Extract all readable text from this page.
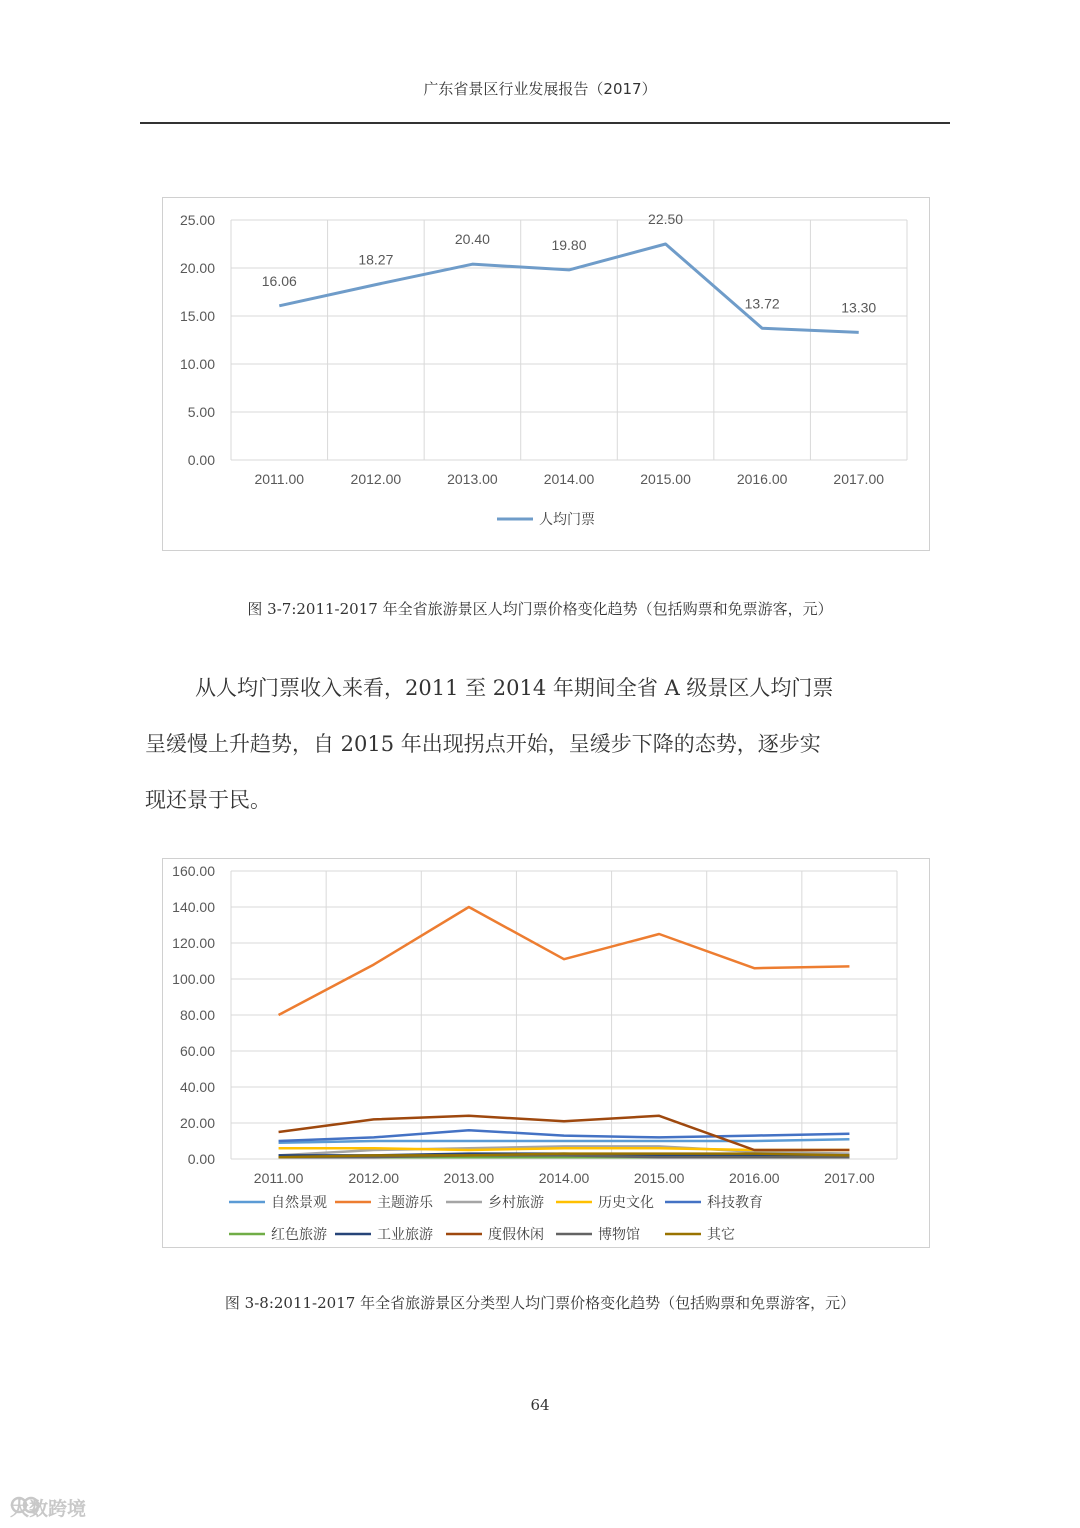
广东省景区行业发展报告（2017）
0.00
5.00
10.00
15.00
20.00
25.00
2011.00	2012.00	2013.00	2014.00	2015.00	2016.00	2017.00
16.06
18.27
20.40	19.80
22.50
13.72	13.30
人均门票
图 3-7:2011-2017 年全省旅游景区人均门票价格变化趋势（包括购票和免票游客，元）

从人均门票收入来看，2011 至 2014 年期间全省 A 级景区人均门票

呈缓慢上升趋势，自 2015 年出现拐点开始，呈缓步下降的态势，逐步实

现还景于民。

0.00
20.00
40.00
60.00
80.00
100.00
120.00
140.00
160.00
2011.00	2012.00	2013.00	2014.00	2015.00	2016.00	2017.00
自然景观	主题游乐	乡村旅游	历史文化	科技教育
红色旅游	工业旅游	度假休闲	博物馆	其它
图 3-8:2011-2017 年全省旅游景区分类型人均门票价格变化趋势（包括购票和免票游客，元）
64
大数跨境
